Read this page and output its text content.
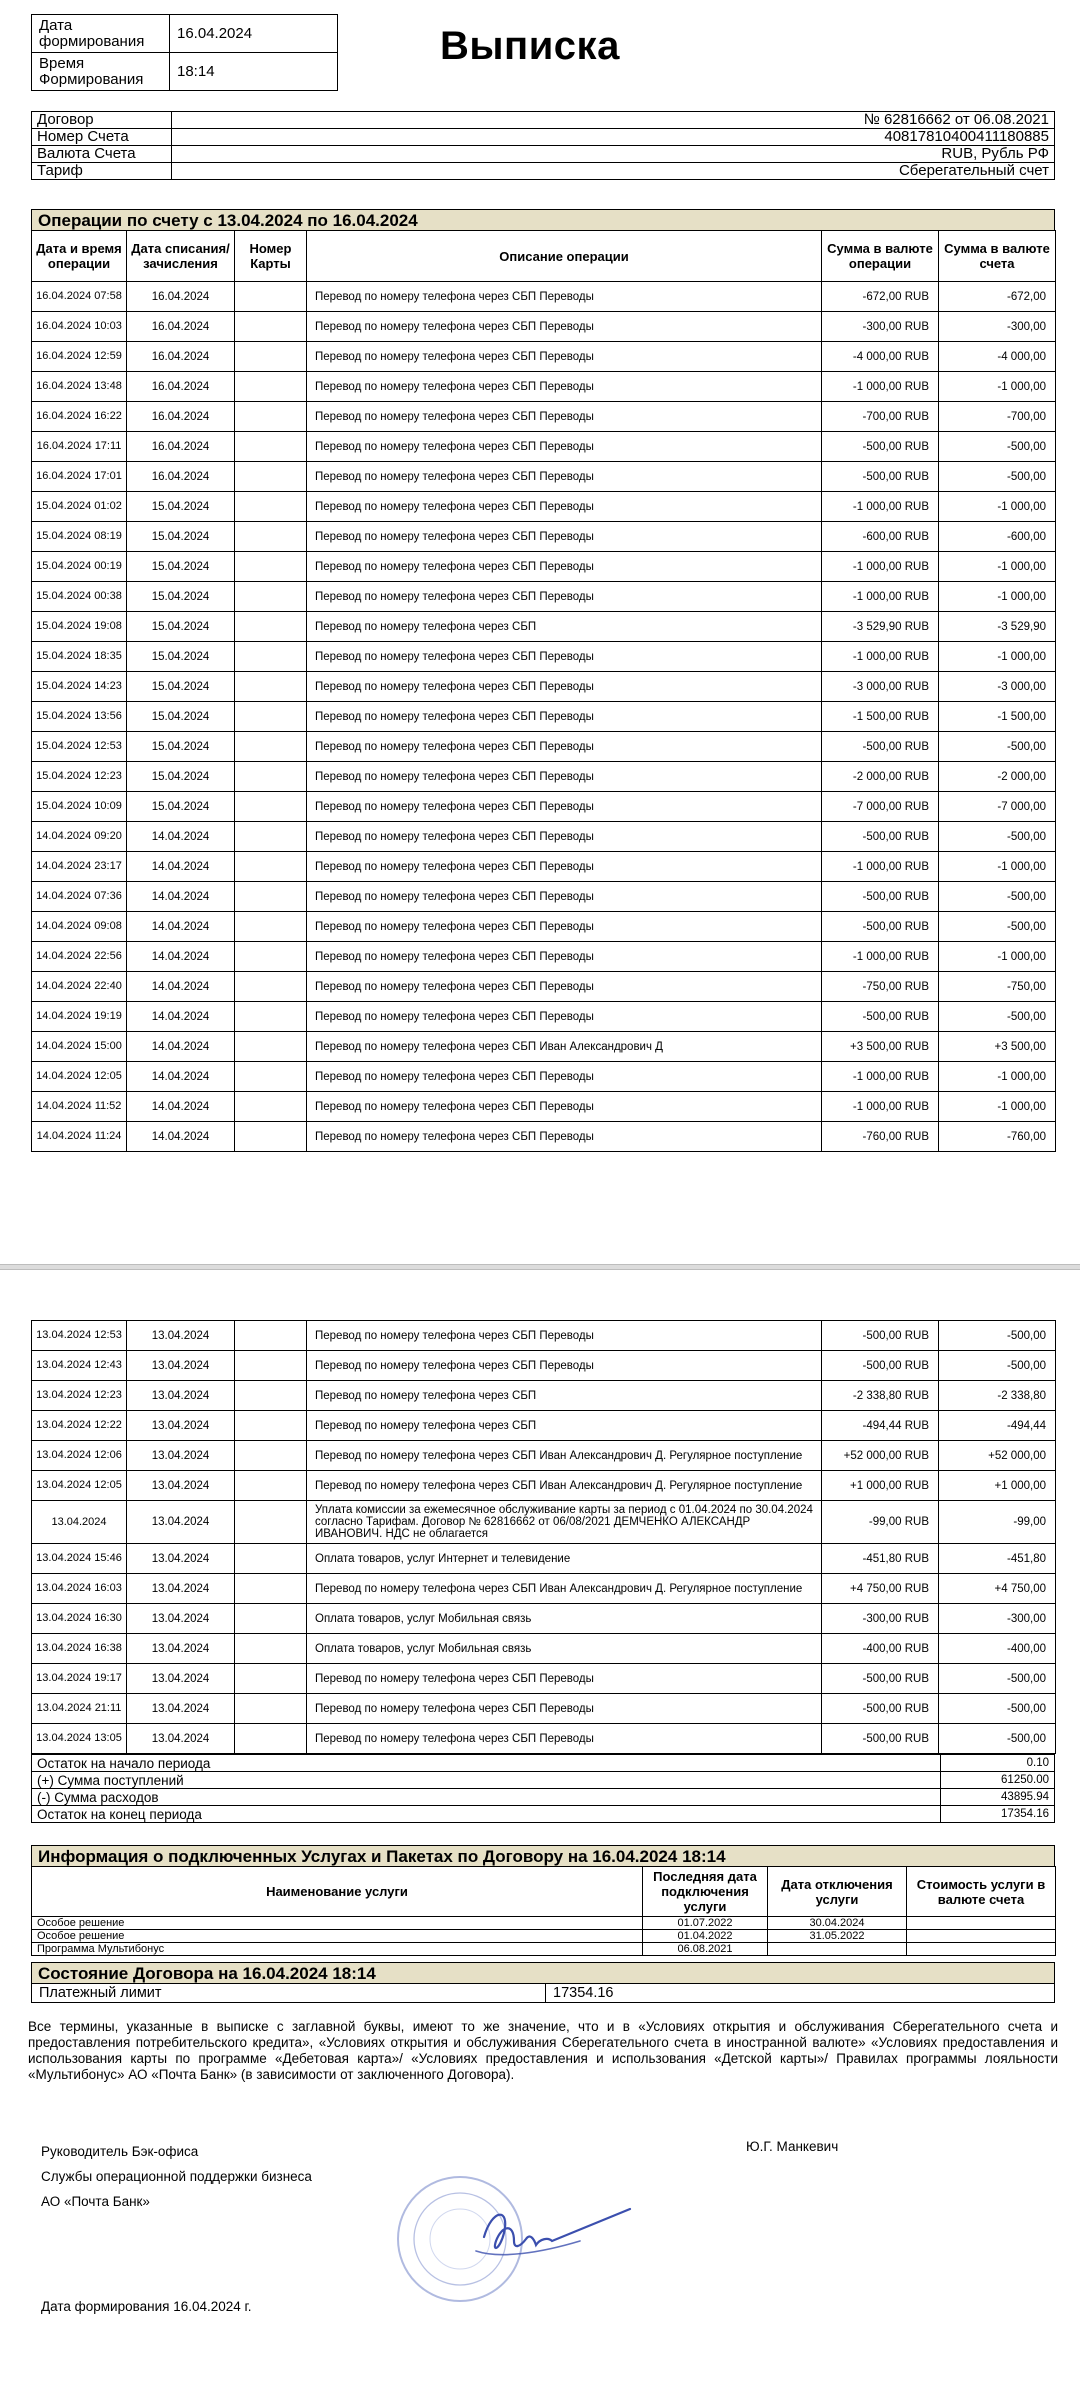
Дата формирования	16.04.2024
Время Формирования	18:14
Выписка
Договор	№ 62816662 от 06.08.2021
Номер Счета	40817810400411180885
Валюта Счета	RUB, Рубль РФ
Тариф	Сберегательный счет
Операции по счету с 13.04.2024 по 16.04.2024
Дата и время операции	Дата списания/ зачисления	Номер Карты	Описание операции	Сумма в валюте операции	Сумма в валюте счета
16.04.2024 07:58	16.04.2024		Перевод по номеру телефона через СБП Переводы	-672,00 RUB	-672,00
16.04.2024 10:03	16.04.2024		Перевод по номеру телефона через СБП Переводы	-300,00 RUB	-300,00
16.04.2024 12:59	16.04.2024		Перевод по номеру телефона через СБП Переводы	-4 000,00 RUB	-4 000,00
16.04.2024 13:48	16.04.2024		Перевод по номеру телефона через СБП Переводы	-1 000,00 RUB	-1 000,00
16.04.2024 16:22	16.04.2024		Перевод по номеру телефона через СБП Переводы	-700,00 RUB	-700,00
16.04.2024 17:11	16.04.2024		Перевод по номеру телефона через СБП Переводы	-500,00 RUB	-500,00
16.04.2024 17:01	16.04.2024		Перевод по номеру телефона через СБП Переводы	-500,00 RUB	-500,00
15.04.2024 01:02	15.04.2024		Перевод по номеру телефона через СБП Переводы	-1 000,00 RUB	-1 000,00
15.04.2024 08:19	15.04.2024		Перевод по номеру телефона через СБП Переводы	-600,00 RUB	-600,00
15.04.2024 00:19	15.04.2024		Перевод по номеру телефона через СБП Переводы	-1 000,00 RUB	-1 000,00
15.04.2024 00:38	15.04.2024		Перевод по номеру телефона через СБП Переводы	-1 000,00 RUB	-1 000,00
15.04.2024 19:08	15.04.2024		Перевод по номеру телефона через СБП	-3 529,90 RUB	-3 529,90
15.04.2024 18:35	15.04.2024		Перевод по номеру телефона через СБП Переводы	-1 000,00 RUB	-1 000,00
15.04.2024 14:23	15.04.2024		Перевод по номеру телефона через СБП Переводы	-3 000,00 RUB	-3 000,00
15.04.2024 13:56	15.04.2024		Перевод по номеру телефона через СБП Переводы	-1 500,00 RUB	-1 500,00
15.04.2024 12:53	15.04.2024		Перевод по номеру телефона через СБП Переводы	-500,00 RUB	-500,00
15.04.2024 12:23	15.04.2024		Перевод по номеру телефона через СБП Переводы	-2 000,00 RUB	-2 000,00
15.04.2024 10:09	15.04.2024		Перевод по номеру телефона через СБП Переводы	-7 000,00 RUB	-7 000,00
14.04.2024 09:20	14.04.2024		Перевод по номеру телефона через СБП Переводы	-500,00 RUB	-500,00
14.04.2024 23:17	14.04.2024		Перевод по номеру телефона через СБП Переводы	-1 000,00 RUB	-1 000,00
14.04.2024 07:36	14.04.2024		Перевод по номеру телефона через СБП Переводы	-500,00 RUB	-500,00
14.04.2024 09:08	14.04.2024		Перевод по номеру телефона через СБП Переводы	-500,00 RUB	-500,00
14.04.2024 22:56	14.04.2024		Перевод по номеру телефона через СБП Переводы	-1 000,00 RUB	-1 000,00
14.04.2024 22:40	14.04.2024		Перевод по номеру телефона через СБП Переводы	-750,00 RUB	-750,00
14.04.2024 19:19	14.04.2024		Перевод по номеру телефона через СБП Переводы	-500,00 RUB	-500,00
14.04.2024 15:00	14.04.2024		Перевод по номеру телефона через СБП Иван Александрович Д	+3 500,00 RUB	+3 500,00
14.04.2024 12:05	14.04.2024		Перевод по номеру телефона через СБП Переводы	-1 000,00 RUB	-1 000,00
14.04.2024 11:52	14.04.2024		Перевод по номеру телефона через СБП Переводы	-1 000,00 RUB	-1 000,00
14.04.2024 11:24	14.04.2024		Перевод по номеру телефона через СБП Переводы	-760,00 RUB	-760,00
13.04.2024 12:53	13.04.2024		Перевод по номеру телефона через СБП Переводы	-500,00 RUB	-500,00
13.04.2024 12:43	13.04.2024		Перевод по номеру телефона через СБП Переводы	-500,00 RUB	-500,00
13.04.2024 12:23	13.04.2024		Перевод по номеру телефона через СБП	-2 338,80 RUB	-2 338,80
13.04.2024 12:22	13.04.2024		Перевод по номеру телефона через СБП	-494,44 RUB	-494,44
13.04.2024 12:06	13.04.2024		Перевод по номеру телефона через СБП Иван Александрович Д. Регулярное поступление	+52 000,00 RUB	+52 000,00
13.04.2024 12:05	13.04.2024		Перевод по номеру телефона через СБП Иван Александрович Д. Регулярное поступление	+1 000,00 RUB	+1 000,00
13.04.2024	13.04.2024		Уплата комиссии за ежемесячное обслуживание карты за период с 01.04.2024 по 30.04.2024 согласно Тарифам. Договор № 62816662 от 06/08/2021 ДЕМЧЕНКО АЛЕКСАНДР ИВАНОВИЧ. НДС не облагается	-99,00 RUB	-99,00
13.04.2024 15:46	13.04.2024		Оплата товаров, услуг Интернет и телевидение	-451,80 RUB	-451,80
13.04.2024 16:03	13.04.2024		Перевод по номеру телефона через СБП Иван Александрович Д. Регулярное поступление	+4 750,00 RUB	+4 750,00
13.04.2024 16:30	13.04.2024		Оплата товаров, услуг Мобильная связь	-300,00 RUB	-300,00
13.04.2024 16:38	13.04.2024		Оплата товаров, услуг Мобильная связь	-400,00 RUB	-400,00
13.04.2024 19:17	13.04.2024		Перевод по номеру телефона через СБП Переводы	-500,00 RUB	-500,00
13.04.2024 21:11	13.04.2024		Перевод по номеру телефона через СБП Переводы	-500,00 RUB	-500,00
13.04.2024 13:05	13.04.2024		Перевод по номеру телефона через СБП Переводы	-500,00 RUB	-500,00
Остаток на начало периода	0.10
(+) Сумма поступлений	61250.00
(-) Сумма расходов	43895.94
Остаток на конец периода	17354.16
Информация о подключенных Услугах и Пакетах по Договору на 16.04.2024 18:14
Наименование услуги	Последняя дата подключения услуги	Дата отключения услуги	Стоимость услуги в валюте счета
Особое решение	01.07.2022	30.04.2024	
Особое решение	01.04.2022	31.05.2022	
Программа Мультибонус	06.08.2021		
Состояние Договора на 16.04.2024 18:14
Платежный лимит	17354.16
Все термины, указанные в выписке с заглавной буквы, имеют то же значение, что и в «Условиях открытия и обслуживания Сберегательного счета и предоставления потребительского кредита», «Условиях открытия и обслуживания Сберегательного счета в иностранной валюте» «Условиях предоставления и использования карты по программе «Дебетовая карта»/ «Условиях предоставления и использования «Детской карты»/ Правилах программы лояльности «Мультибонус» АО «Почта Банк» (в зависимости от заключенного Договора).
Руководитель Бэк-офиса
Службы операционной поддержки бизнеса
АО «Почта Банк»
Ю.Г. Манкевич
Дата формирования 16.04.2024 г.
